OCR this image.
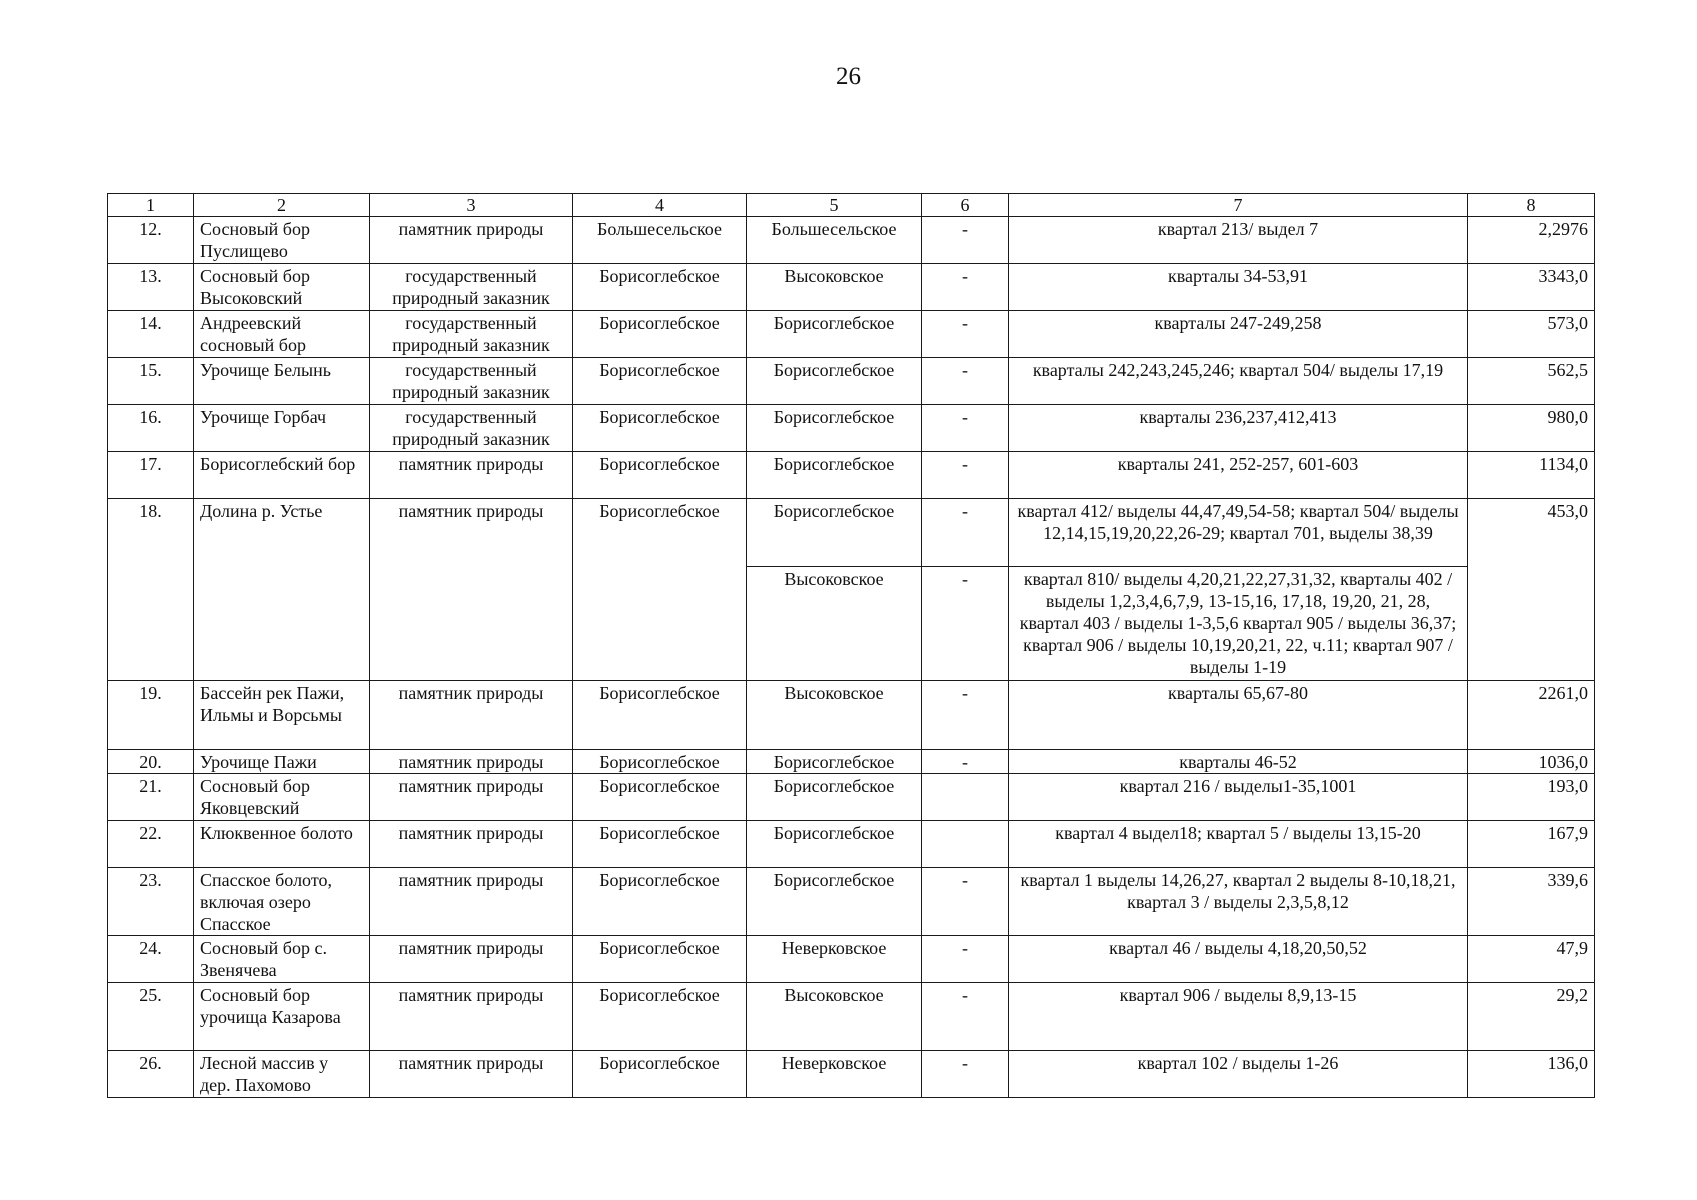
26
1	2	3	4	5	6	7	8
12.	Сосновый бор Пуслищево	памятник природы	Большесельское	Большесельское	-	квартал 213/ выдел 7	2,2976
13.	Сосновый бор Высоковский	государственный природный заказник	Борисоглебское	Высоковское	-	кварталы 34-53,91	3343,0
14.	Андреевский сосновый бор	государственный природный заказник	Борисоглебское	Борисоглебское	-	кварталы 247-249,258	573,0
15.	Урочище Белынь	государственный природный заказник	Борисоглебское	Борисоглебское	-	кварталы 242,243,245,246; квартал 504/ выделы 17,19	562,5
16.	Урочище Горбач	государственный природный заказник	Борисоглебское	Борисоглебское	-	кварталы 236,237,412,413	980,0
17.	Борисоглебский бор	памятник природы	Борисоглебское	Борисоглебское	-	кварталы 241, 252-257, 601-603	1134,0
18.	Долина р. Устье	памятник природы	Борисоглебское	Борисоглебское	-	квартал 412/ выделы 44,47,49,54-58; квартал 504/ выделы 12,14,15,19,20,22,26-29; квартал 701, выделы 38,39	453,0
				Высоковское	-	квартал 810/ выделы 4,20,21,22,27,31,32, кварталы 402 / выделы 1,2,3,4,6,7,9, 13-15,16, 17,18, 19,20, 21, 28, квартал 403 / выделы 1-3,5,6 квартал 905 / выделы 36,37; квартал 906 / выделы 10,19,20,21, 22, ч.11; квартал 907 / выделы 1-19	
19.	Бассейн рек Пажи, Ильмы и Ворсьмы	памятник природы	Борисоглебское	Высоковское	-	кварталы 65,67-80	2261,0
20.	Урочище Пажи	памятник природы	Борисоглебское	Борисоглебское	-	кварталы 46-52	1036,0
21.	Сосновый бор Яковцевский	памятник природы	Борисоглебское	Борисоглебское		квартал 216 / выделы1-35,1001	193,0
22.	Клюквенное болото	памятник природы	Борисоглебское	Борисоглебское		квартал 4 выдел18; квартал 5 / выделы 13,15-20	167,9
23.	Спасское болото, включая озеро Спасское	памятник природы	Борисоглебское	Борисоглебское	-	квартал 1 выделы 14,26,27, квартал 2 выделы 8-10,18,21, квартал 3 / выделы 2,3,5,8,12	339,6
24.	Сосновый бор с. Звенячева	памятник природы	Борисоглебское	Неверковское	-	квартал 46 / выделы 4,18,20,50,52	47,9
25.	Сосновый бор урочища Казарова	памятник природы	Борисоглебское	Высоковское	-	квартал 906 / выделы 8,9,13-15	29,2
26.	Лесной массив у дер. Пахомово	памятник природы	Борисоглебское	Неверковское	-	квартал 102 / выделы 1-26	136,0
